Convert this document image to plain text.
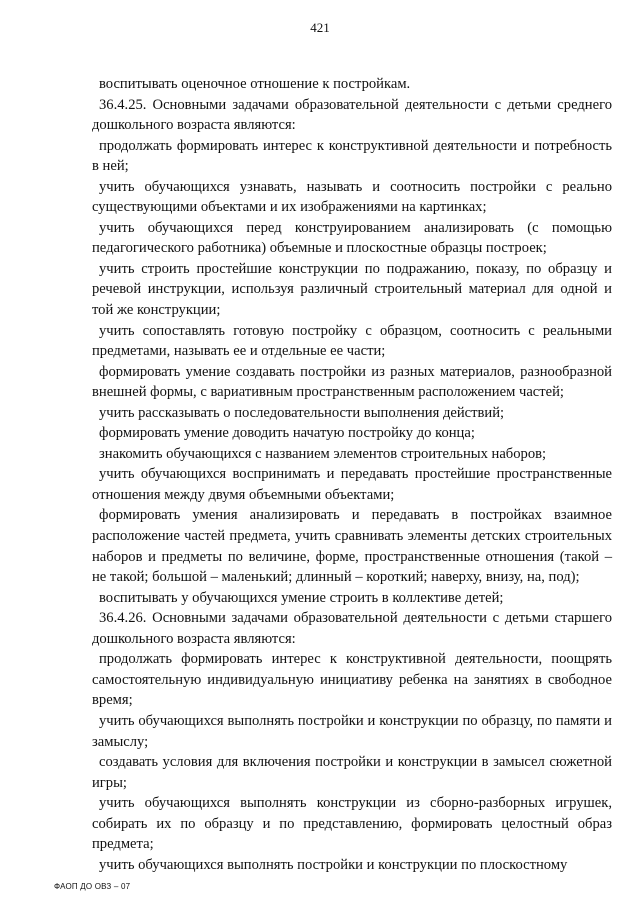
421

воспитывать оценочное отношение к постройкам.

36.4.25. Основными задачами образовательной деятельности с детьми среднего дошкольного возраста являются:

продолжать формировать интерес к конструктивной деятельности и потребность в ней;

учить обучающихся узнавать, называть и соотносить постройки с реально существующими объектами и их изображениями на картинках;

учить обучающихся перед конструированием анализировать (с помощью педагогического работника) объемные и плоскостные образцы построек;

учить строить простейшие конструкции по подражанию, показу, по образцу и речевой инструкции, используя различный строительный материал для одной и той же конструкции;

учить сопоставлять готовую постройку с образцом, соотносить с реальными предметами, называть ее и отдельные ее части;

формировать умение создавать постройки из разных материалов, разнообразной внешней формы, с вариативным пространственным расположением частей;

учить рассказывать о последовательности выполнения действий;

формировать умение доводить начатую постройку до конца;

знакомить обучающихся с названием элементов строительных наборов;

учить обучающихся воспринимать и передавать простейшие пространственные отношения между двумя объемными объектами;

формировать умения анализировать и передавать в постройках взаимное расположение частей предмета, учить сравнивать элементы детских строительных наборов и предметы по величине, форме, пространственные отношения (такой – не такой; большой – маленький; длинный – короткий; наверху, внизу, на, под);

воспитывать у обучающихся умение строить в коллективе детей;

36.4.26. Основными задачами образовательной деятельности с детьми старшего дошкольного возраста являются:

продолжать формировать интерес к конструктивной деятельности, поощрять самостоятельную индивидуальную инициативу ребенка на занятиях в свободное время;

учить обучающихся выполнять постройки и конструкции по образцу, по памяти и замыслу;

создавать условия для включения постройки и конструкции в замысел сюжетной игры;

учить обучающихся выполнять конструкции из сборно-разборных игрушек, собирать их по образцу и по представлению, формировать целостный образ предмета;

учить обучающихся выполнять постройки и конструкции по плоскостному

ФАОП ДО ОВЗ – 07
